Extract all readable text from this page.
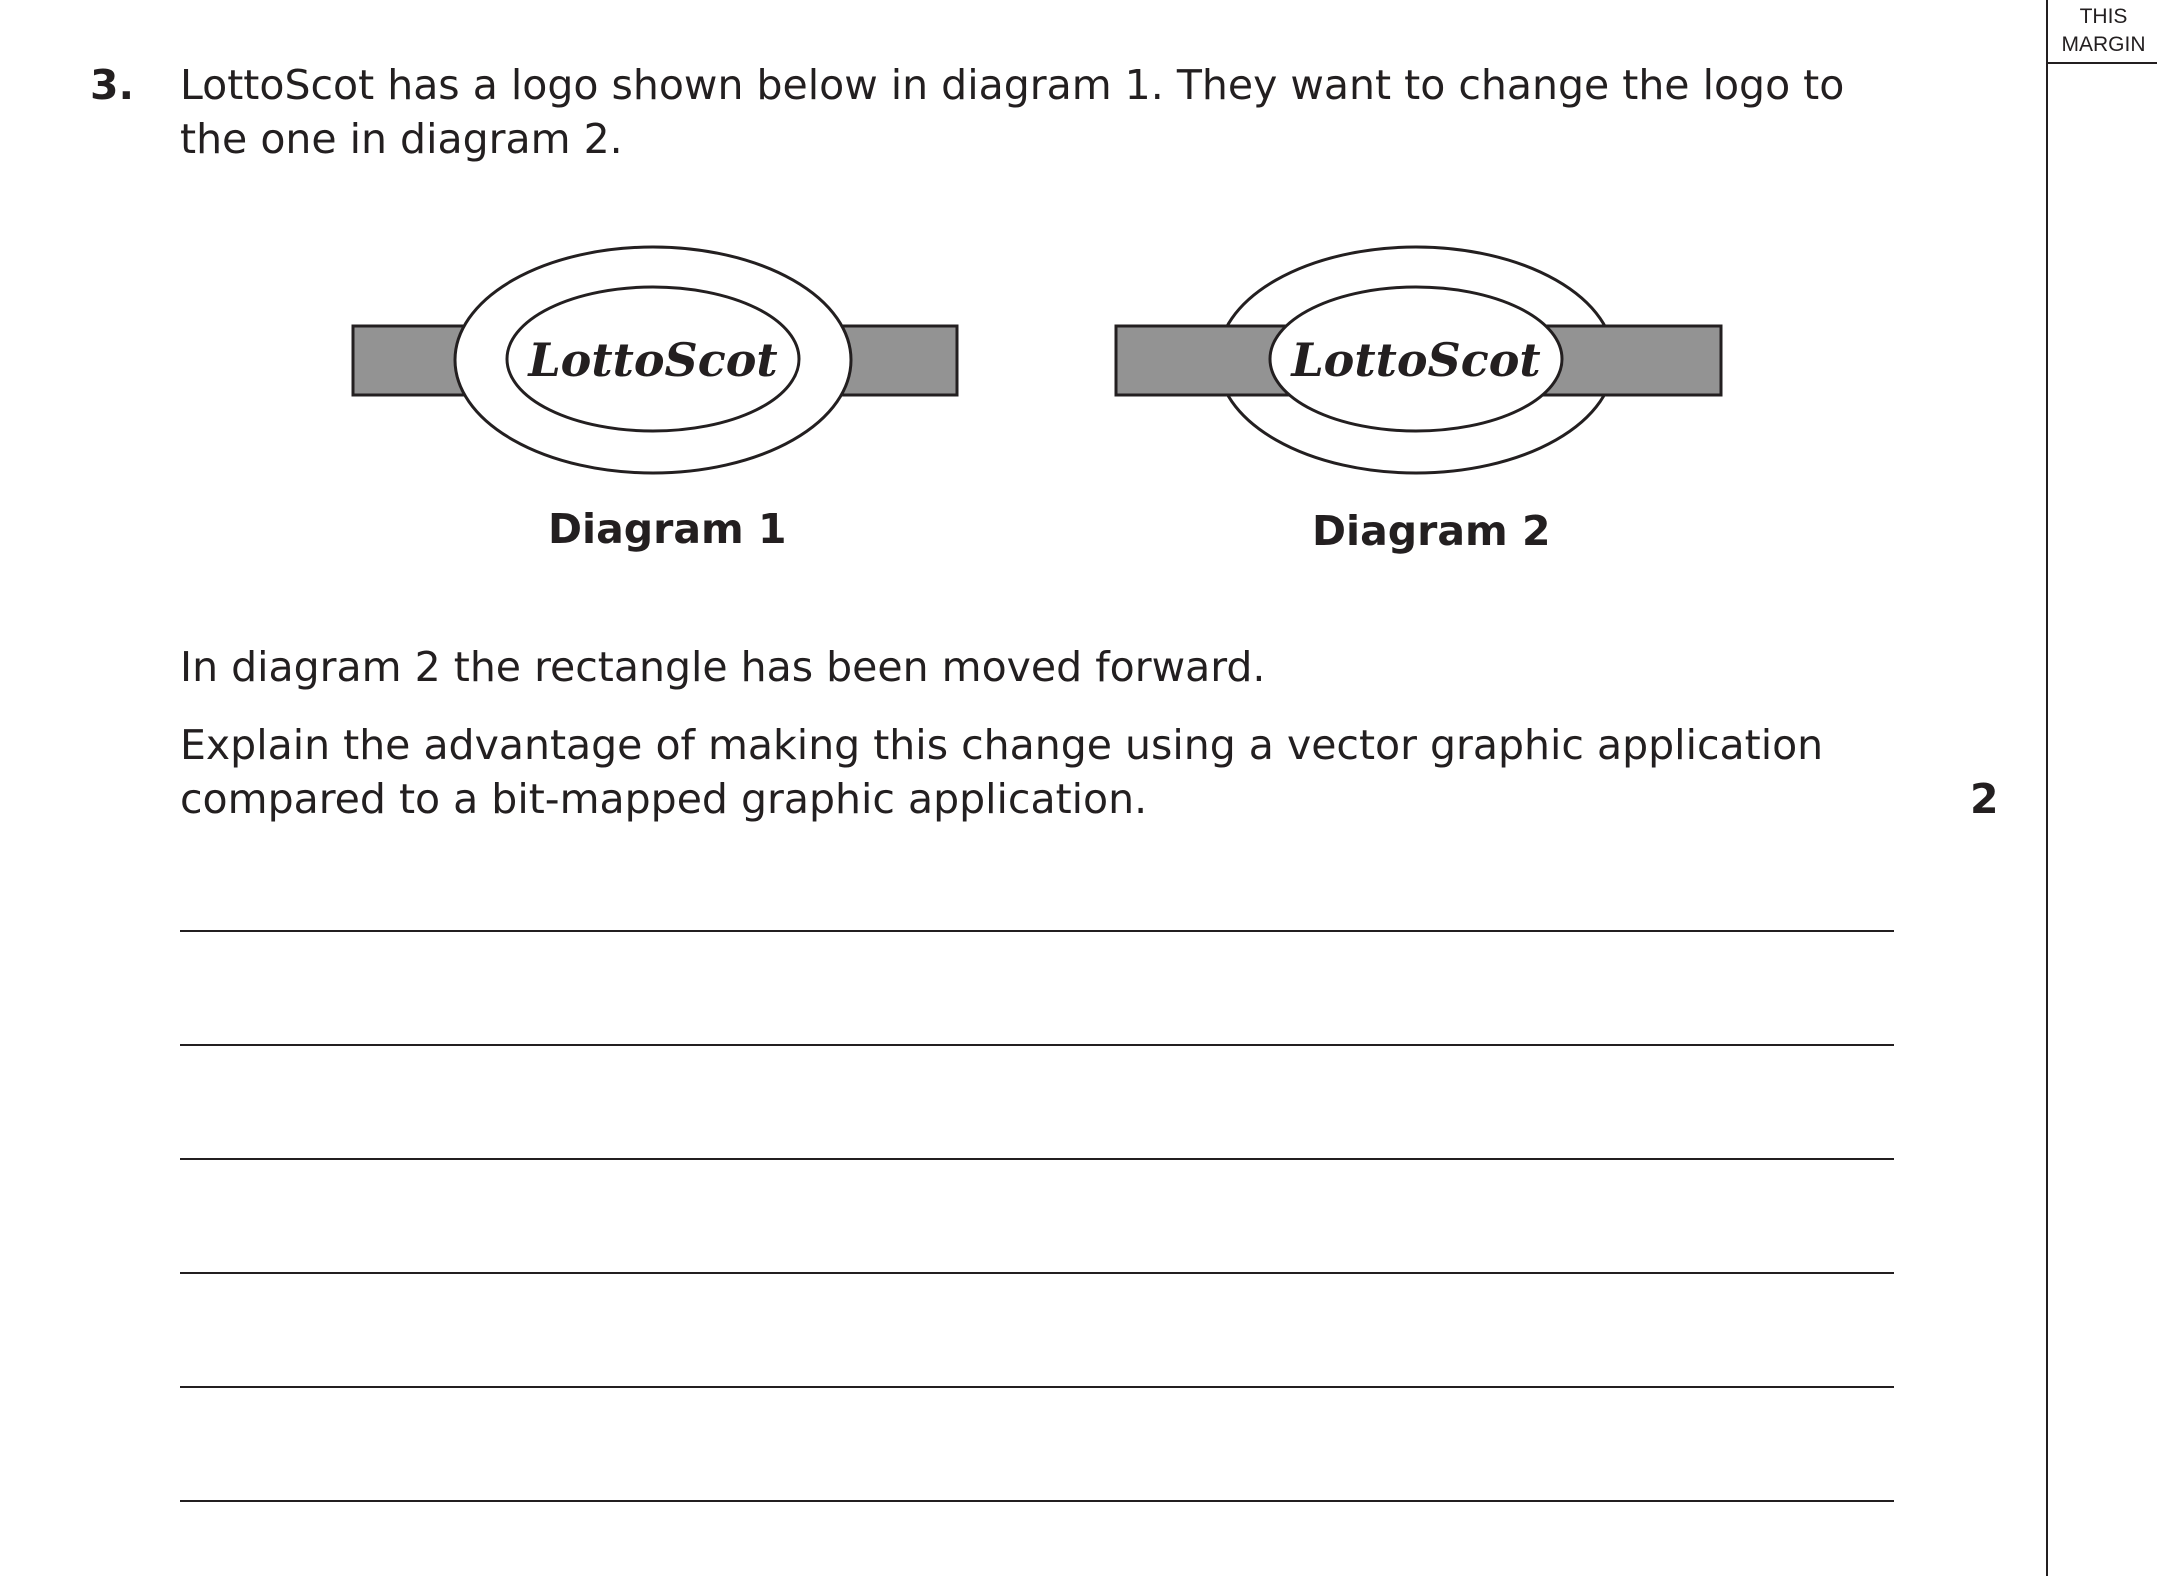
THIS
MARGIN
3. LottoScot has a logo shown below in diagram 1. They want to change the logo to the one in diagram 2.

LottoScot	LottoScot
Diagram 1	Diagram 2

In diagram 2 the rectangle has been moved forward.

Explain the advantage of making this change using a vector graphic application compared to a bit-mapped graphic application.	2
